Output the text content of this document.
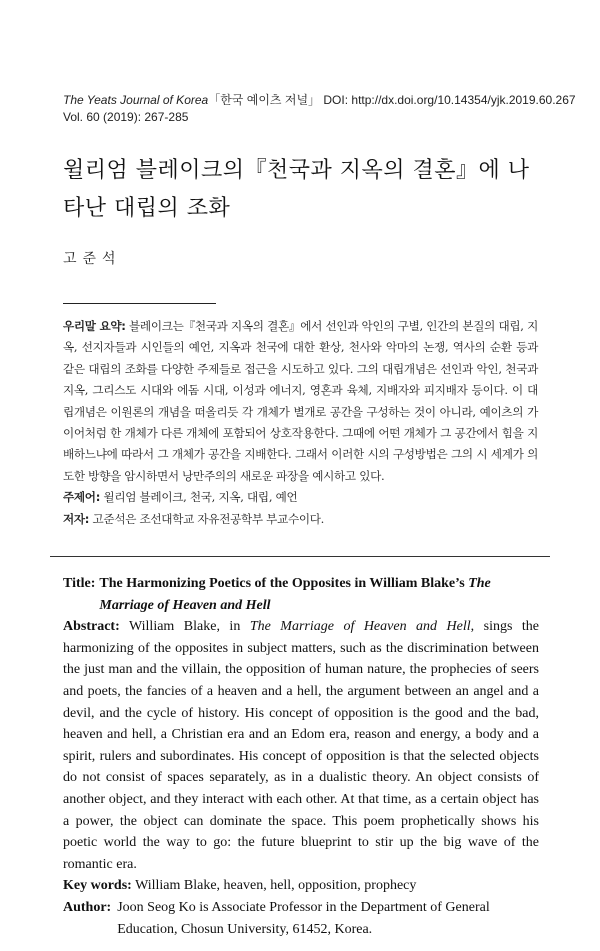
The Yeats Journal of Korea「한국 예이츠 저널」 DOI: http://dx.doi.org/10.14354/yjk.2019.60.267
Vol. 60 (2019): 267-285
윌리엄 블레이크의『천국과 지옥의 결혼』에 나타난 대립의 조화
고준석

우리말 요약: 블레이크는『천국과 지옥의 결혼』에서 선인과 악인의 구별, 인간의 본질의 대립, 지옥, 선지자들과 시인들의 예언, 지옥과 천국에 대한 환상, 천사와 악마의 논쟁, 역사의 순환 등과 같은 대립의 조화를 다양한 주제들로 접근을 시도하고 있다. 그의 대립개념은 선인과 악인, 천국과 지옥, 그리스도 시대와 에돔 시대, 이성과 에너지, 영혼과 육체, 지배자와 피지배자 등이다. 이 대립개념은 이원론의 개념을 떠올리듯 각 개체가 별개로 공간을 구성하는 것이 아니라, 예이츠의 가이어처럼 한 개체가 다른 개체에 포함되어 상호작용한다. 그때에 어떤 개체가 그 공간에서 힘을 지배하느냐에 따라서 그 개체가 공간을 지배한다. 그래서 이러한 시의 구성방법은 그의 시 세계가 의도한 방향을 암시하면서 낭만주의의 새로운 파장을 예시하고 있다.

주제어: 윌리엄 블레이크, 천국, 지옥, 대립, 예언

저자: 고준석은 조선대학교 자유전공학부 부교수이다.

Title: The Harmonizing Poetics of the Opposites in William Blake’s The Marriage of Heaven and Hell

Abstract: William Blake, in The Marriage of Heaven and Hell, sings the harmonizing of the opposites in subject matters, such as the discrimination between the just man and the villain, the opposition of human nature, the prophecies of seers and poets, the fancies of a heaven and a hell, the argument between an angel and a devil, and the cycle of history. His concept of opposition is the good and the bad, heaven and hell, a Christian era and an Edom era, reason and energy, a body and a spirit, rulers and subordinates. His concept of opposition is that the selected objects do not consist of spaces separately, as in a dualistic theory. An object consists of another object, and they interact with each other. At that time, as a certain object has a power, the object can dominate the space. This poem prophetically shows his poetic world the way to go: the future blueprint to stir up the big wave of the romantic era.

Key words: William Blake, heaven, hell, opposition, prophecy

Author: Joon Seog Ko is Associate Professor in the Department of General Education, Chosun University, 61452, Korea.
